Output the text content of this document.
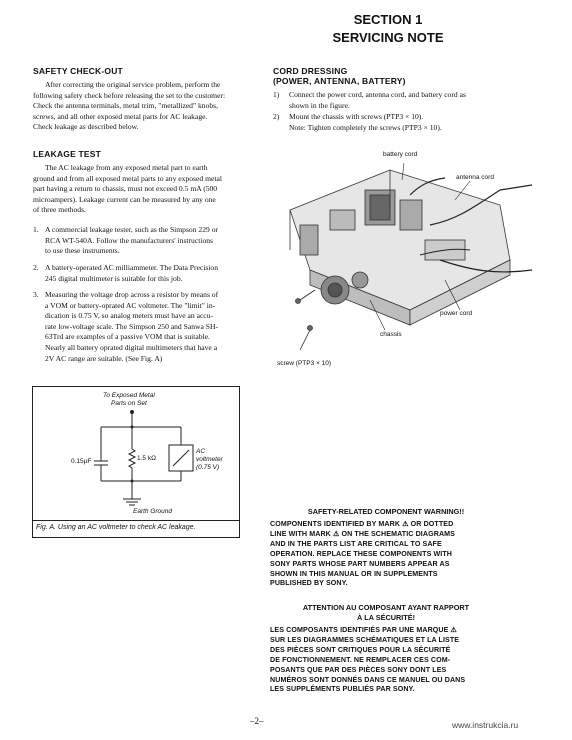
SECTION 1
SERVICING NOTE
SAFETY CHECK-OUT
After correcting the original service problem, perform the
following safety check before releasing the set to the customer:
Check the antenna terminals, metal trim, "metallized" knobs,
screws, and all other exposed metal parts for AC leakage.
Check leakage as described below.
LEAKAGE TEST
The AC leakage from any exposed metal part to earth
ground and from all exposed metal parts to any exposed metal
part having a return to chassis, must not exceed 0.5 mA (500
microampers). Leakage current can be measured by any one
of three methods.
1. A commercial leakage tester, such as the Simpson 229 or
RCA WT-540A. Follow the manufacturers' instructions
to use these instruments.
2. A battery-operated AC milliammeter. The Data Precision
245 digital multimeter is suitable for this job.
3. Measuring the voltage drop across a resistor by means of
a VOM or battery-oprated AC voltmeter. The "limit" in-
dication is 0.75 V, so analog meters must have an accu-
rate low-voltage scale. The Simpson 250 and Sanwa SH-
63Trd are examples of a passive VOM that is suitable.
Nearly all battery oprated digital multimeters that have a
2V AC range are suitable. (See Fig. A)
To Exposed Metal
Parts on Set
0.15µF	1.5 kΩ
AC
voltmeter
(0.75 V)
Earth Ground
Fig. A. Using an AC voltmeter to check AC leakage.
CORD DRESSING
(POWER, ANTENNA, BATTERY)
1) Connect the power cord, antenna cord, and battery cord as
shown in the figure.
2) Mount the chassis with screws (PTP3 × 10).
Note: Tighten completely the screws (PTP3 × 10).
battery cord
antenna cord
power cord
chassis
screw (PTP3 × 10)
SAFETY-RELATED COMPONENT WARNING!!
COMPONENTS IDENTIFIED BY MARK ⚠ OR DOTTED
LINE WITH MARK ⚠ ON THE SCHEMATIC DIAGRAMS
AND IN THE PARTS LIST ARE CRITICAL TO SAFE
OPERATION. REPLACE THESE COMPONENTS WITH
SONY PARTS WHOSE PART NUMBERS APPEAR AS
SHOWN IN THIS MANUAL OR IN SUPPLEMENTS
PUBLISHED BY SONY.
ATTENTION AU COMPOSANT AYANT RAPPORT
À LA SÉCURITÉ!
LES COMPOSANTS IDENTIFIÉS PAR UNE MARQUE ⚠
SUR LES DIAGRAMMES SCHÉMATIQUES ET LA LISTE
DES PIÈCES SONT CRITIQUES POUR LA SÉCURITÉ
DE FONCTIONNEMENT. NE REMPLACER CES COM-
POSANTS QUE PAR DES PIÈCES SONY DONT LES
NUMÉROS SONT DONNÉS DANS CE MANUEL OU DANS
LES SUPPLÉMENTS PUBLIÉS PAR SONY.
–2–	www.instrukcia.ru
